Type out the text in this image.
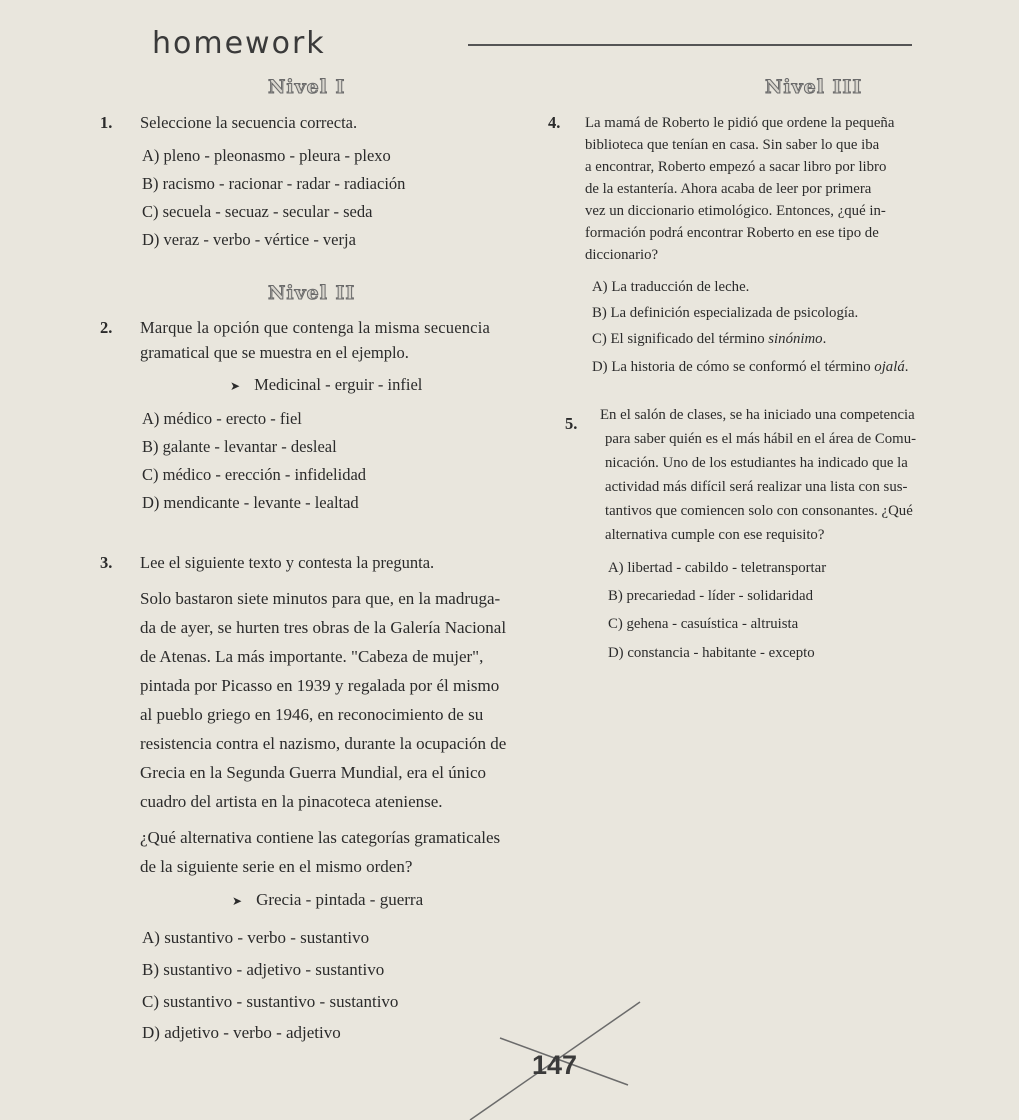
homework
Nivel I
1. Seleccione la secuencia correcta.
A) pleno - pleonasmo - pleura - plexo
B) racismo - racionar - radar - radiación
C) secuela - secuaz - secular - seda
D) veraz - verbo - vértice - verja
Nivel II
2. Marque la opción que contenga la misma secuencia
gramatical que se muestra en el ejemplo.
➤ Medicinal - erguir - infiel
A) médico - erecto - fiel
B) galante - levantar - desleal
C) médico - erección - infidelidad
D) mendicante - levante - lealtad
3. Lee el siguiente texto y contesta la pregunta.
Solo bastaron siete minutos para que, en la madruga-
da de ayer, se hurten tres obras de la Galería Nacional
de Atenas. La más importante. "Cabeza de mujer",
pintada por Picasso en 1939 y regalada por él mismo
al pueblo griego en 1946, en reconocimiento de su
resistencia contra el nazismo, durante la ocupación de
Grecia en la Segunda Guerra Mundial, era el único
cuadro del artista en la pinacoteca ateniense.
¿Qué alternativa contiene las categorías gramaticales
de la siguiente serie en el mismo orden?
➤ Grecia - pintada - guerra
A) sustantivo - verbo - sustantivo
B) sustantivo - adjetivo - sustantivo
C) sustantivo - sustantivo - sustantivo
D) adjetivo - verbo - adjetivo
Nivel III
4. La mamá de Roberto le pidió que ordene la pequeña
biblioteca que tenían en casa. Sin saber lo que iba
a encontrar, Roberto empezó a sacar libro por libro
de la estantería. Ahora acaba de leer por primera
vez un diccionario etimológico. Entonces, ¿qué in-
formación podrá encontrar Roberto en ese tipo de
diccionario?
A) La traducción de leche.
B) La definición especializada de psicología.
C) El significado del término sinónimo.
D) La historia de cómo se conformó el término ojalá.
5. En el salón de clases, se ha iniciado una competencia
para saber quién es el más hábil en el área de Comu-
nicación. Uno de los estudiantes ha indicado que la
actividad más difícil será realizar una lista con sus-
tantivos que comiencen solo con consonantes. ¿Qué
alternativa cumple con ese requisito?
A) libertad - cabildo - teletransportar
B) precariedad - líder - solidaridad
C) gehena - casuística - altruista
D) constancia - habitante - excepto
147
